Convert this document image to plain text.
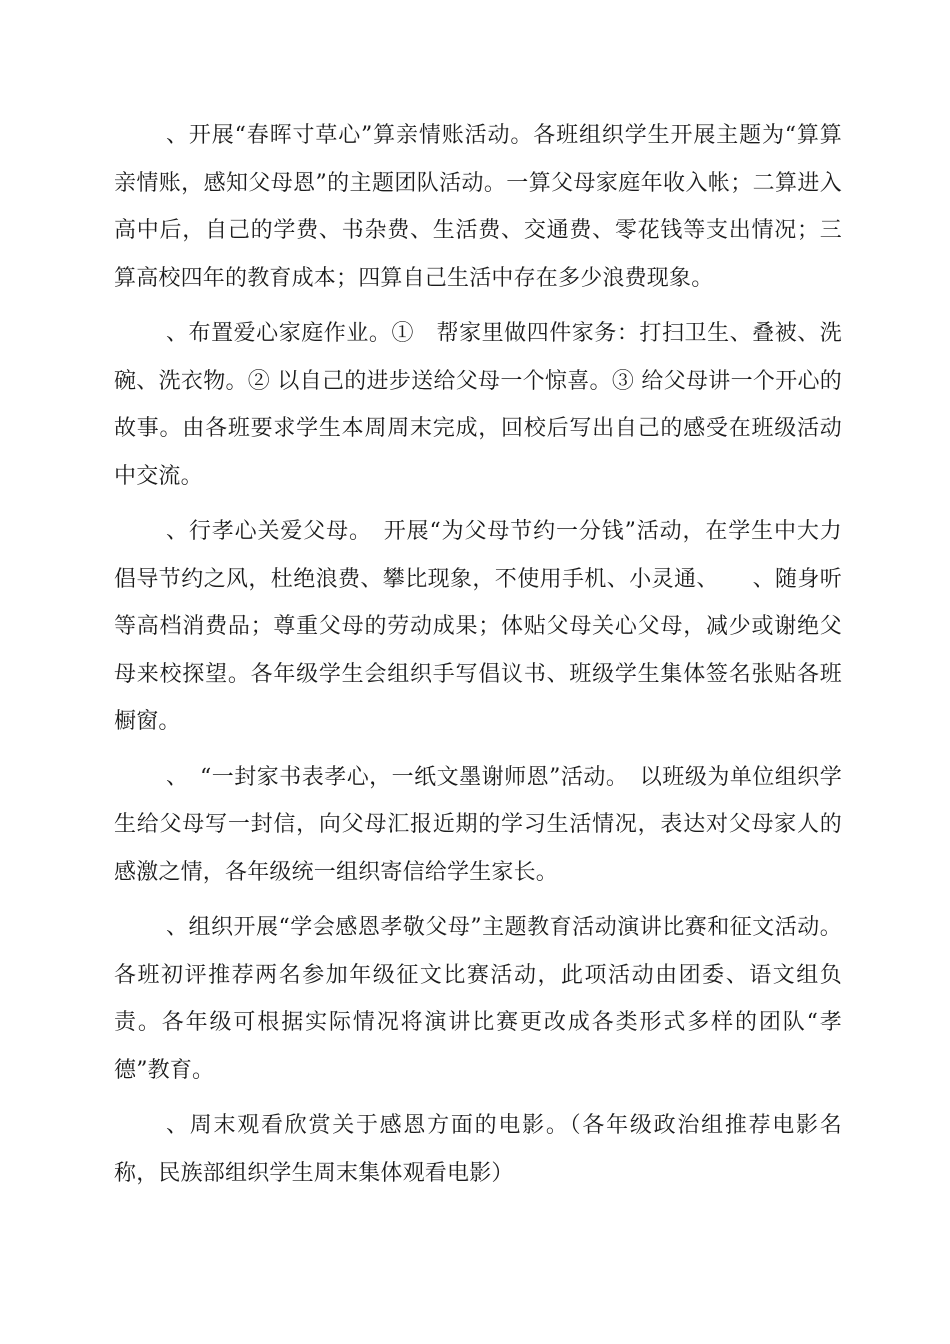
、开展“春晖寸草心”算亲情账活动。各班组织学生开展主题为“算算亲情账，感知父母恩”的主题团队活动。一算父母家庭年收入帐；二算进入高中后，自己的学费、书杂费、生活费、交通费、零花钱等支出情况；三算高校四年的教育成本；四算自己生活中存在多少浪费现象。

、布置爱心家庭作业。①　帮家里做四件家务：打扫卫生、叠被、洗碗、洗衣物。② 以自己的进步送给父母一个惊喜。③ 给父母讲一个开心的故事。由各班要求学生本周周末完成，回校后写出自己的感受在班级活动中交流。

、行孝心关爱父母。　开展“为父母节约一分钱”活动，在学生中大力倡导节约之风，杜绝浪费、攀比现象，不使用手机、小灵通、　　、随身听等高档消费品；尊重父母的劳动成果；体贴父母关心父母，减少或谢绝父母来校探望。各年级学生会组织手写倡议书、班级学生集体签名张贴各班橱窗。

、　“一封家书表孝心，一纸文墨谢师恩”活动。　以班级为单位组织学生给父母写一封信，向父母汇报近期的学习生活情况，表达对父母家人的感激之情，各年级统一组织寄信给学生家长。

、组织开展“学会感恩孝敬父母”主题教育活动演讲比赛和征文活动。各班初评推荐两名参加年级征文比赛活动，此项活动由团委、语文组负责。各年级可根据实际情况将演讲比赛更改成各类形式多样的团队“孝德”教育。

、周末观看欣赏关于感恩方面的电影。（各年级政治组推荐电影名称，民族部组织学生周末集体观看电影）
